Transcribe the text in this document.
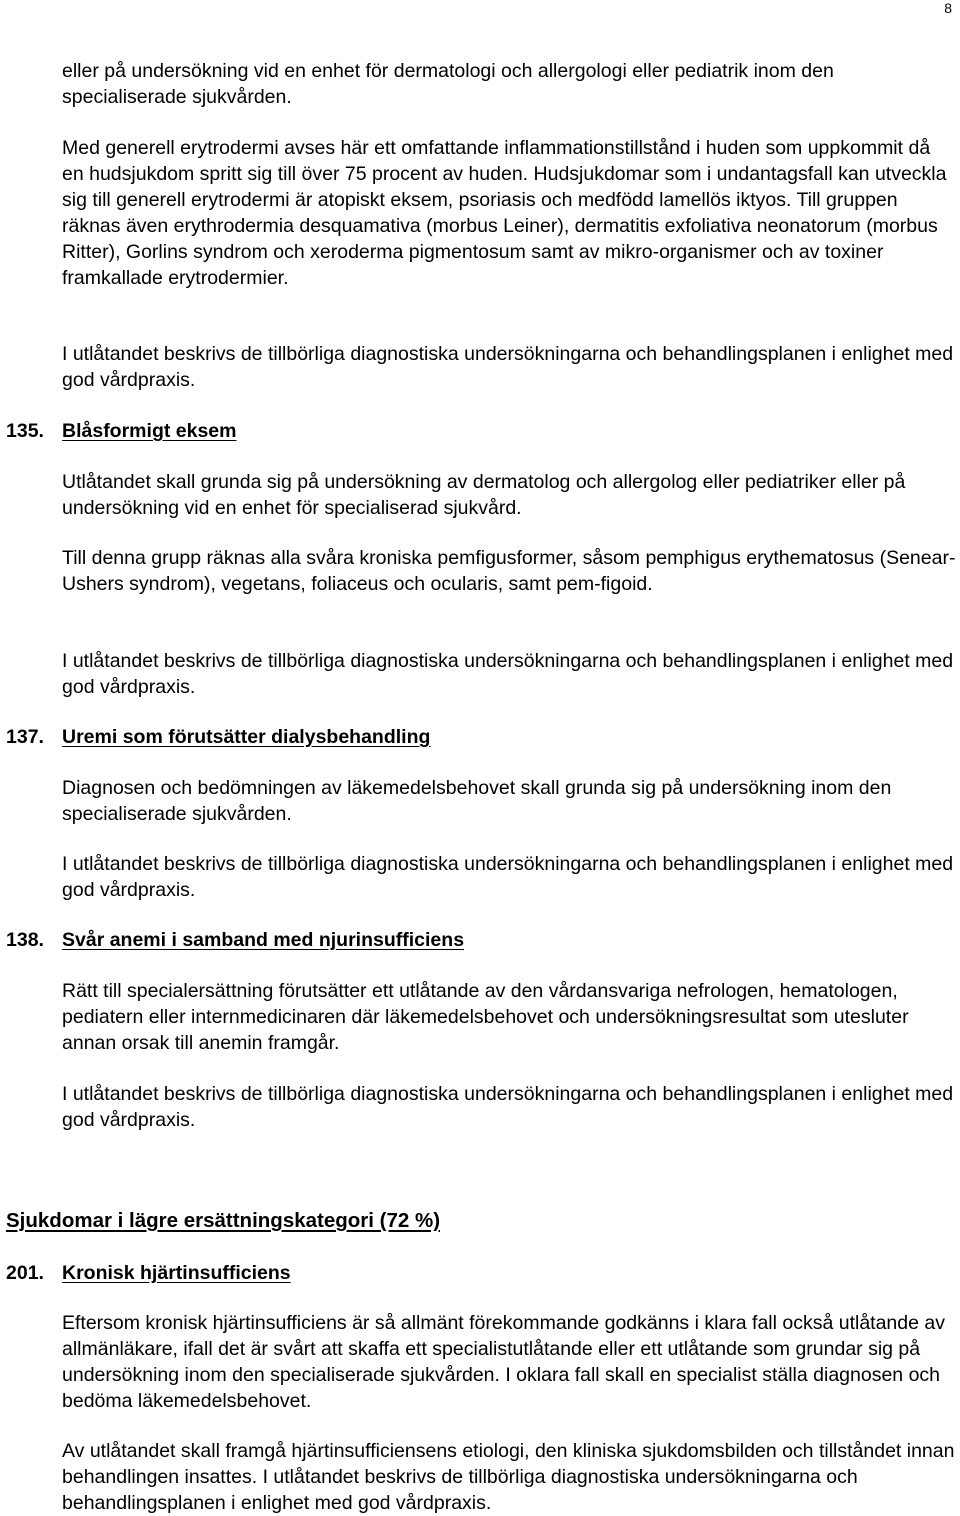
8

eller på undersökning vid en enhet för dermatologi och allergologi eller pediatrik inom den specialiserade sjukvården.

Med generell erytrodermi avses här ett omfattande inflammationstillstånd i huden som uppkommit då en hudsjukdom spritt sig till över 75 procent av huden. Hudsjukdomar som i undantagsfall kan utveckla sig till generell erytrodermi är atopiskt eksem, psoriasis och medfödd lamellös iktyos. Till gruppen räknas även erythrodermia desquamativa (morbus Leiner), dermatitis exfoliativa neonatorum (morbus Ritter), Gorlins syndrom och xeroderma pigmentosum samt av mikro-organismer och av toxiner framkallade erytrodermier.

I utlåtandet beskrivs de tillbörliga diagnostiska undersökningarna och behandlingsplanen i enlighet med god vårdpraxis.

135. Blåsformigt eksem

Utlåtandet skall grunda sig på undersökning av dermatolog och allergolog eller pediatriker eller på undersökning vid en enhet för specialiserad sjukvård.

Till denna grupp räknas alla svåra kroniska pemfigusformer, såsom pemphigus erythematosus (Senear-Ushers syndrom), vegetans, foliaceus och ocularis, samt pem-figoid.

I utlåtandet beskrivs de tillbörliga diagnostiska undersökningarna och behandlingsplanen i enlighet med god vårdpraxis.

137. Uremi som förutsätter dialysbehandling

Diagnosen och bedömningen av läkemedelsbehovet skall grunda sig på undersökning inom den specialiserade sjukvården.

I utlåtandet beskrivs de tillbörliga diagnostiska undersökningarna och behandlingsplanen i enlighet med god vårdpraxis.

138. Svår anemi i samband med njurinsufficiens

Rätt till specialersättning förutsätter ett utlåtande av den vårdansvariga nefrologen, hematologen, pediatern eller internmedicinaren där läkemedelsbehovet och undersökningsresultat som utesluter annan orsak till anemin framgår.

I utlåtandet beskrivs de tillbörliga diagnostiska undersökningarna och behandlingsplanen i enlighet med god vårdpraxis.

Sjukdomar i lägre ersättningskategori (72 %)
201. Kronisk hjärtinsufficiens

Eftersom kronisk hjärtinsufficiens är så allmänt förekommande godkänns i klara fall också utlåtande av allmänläkare, ifall det är svårt att skaffa ett specialistutlåtande eller ett utlåtande som grundar sig på undersökning inom den specialiserade sjukvården. I oklara fall skall en specialist ställa diagnosen och bedöma läkemedelsbehovet.

Av utlåtandet skall framgå hjärtinsufficiensens etiologi, den kliniska sjukdomsbilden och tillståndet innan behandlingen insattes. I utlåtandet beskrivs de tillbörliga diagnostiska undersökningarna och behandlingsplanen i enlighet med god vårdpraxis.
